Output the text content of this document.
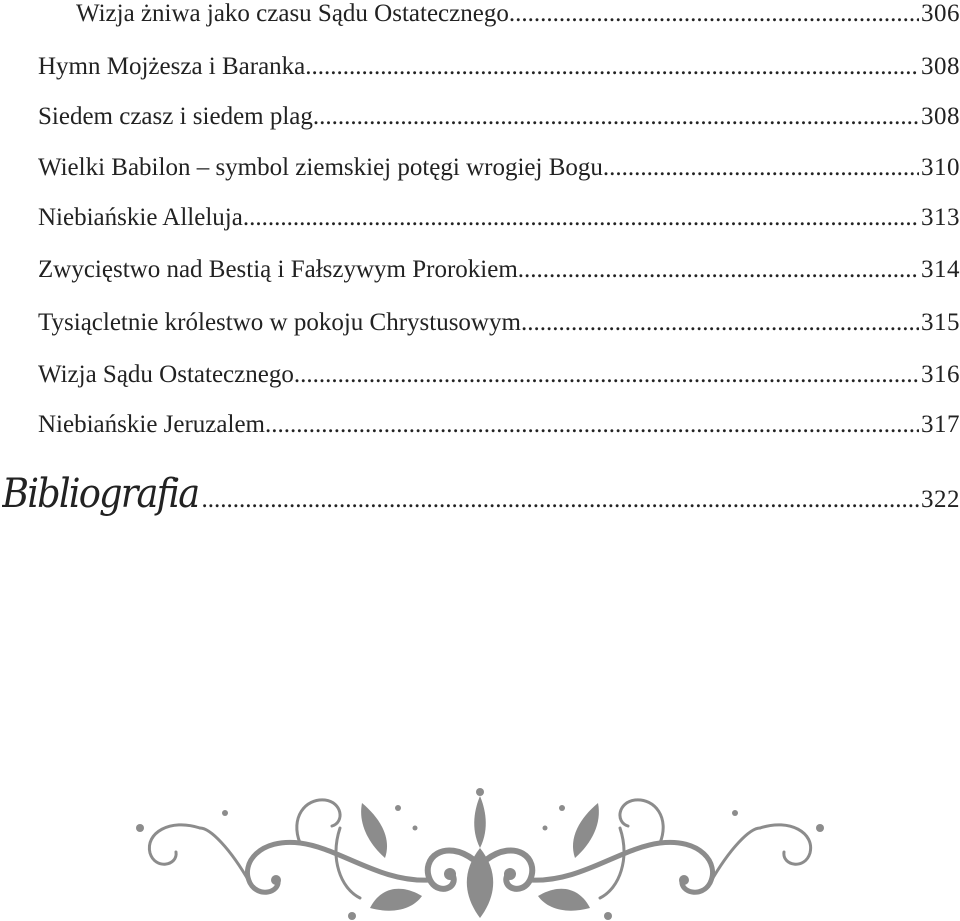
Wizja żniwa jako czasu Sądu Ostatecznego .....	306
Hymn Mojżesza i Baranka .....	308
Siedem czasz i siedem plag .....	308
Wielki Babilon – symbol ziemskiej potęgi wrogiej Bogu .....	310
Niebiańskie Alleluja .....	313
Zwycięstwo nad Bestią i Fałszywym Prorokiem .....	314
Tysiącletnie królestwo w pokoju Chrystusowym .....	315
Wizja Sądu Ostatecznego .....	316
Niebiańskie Jeruzalem .....	317
Bibliografia .....	322
